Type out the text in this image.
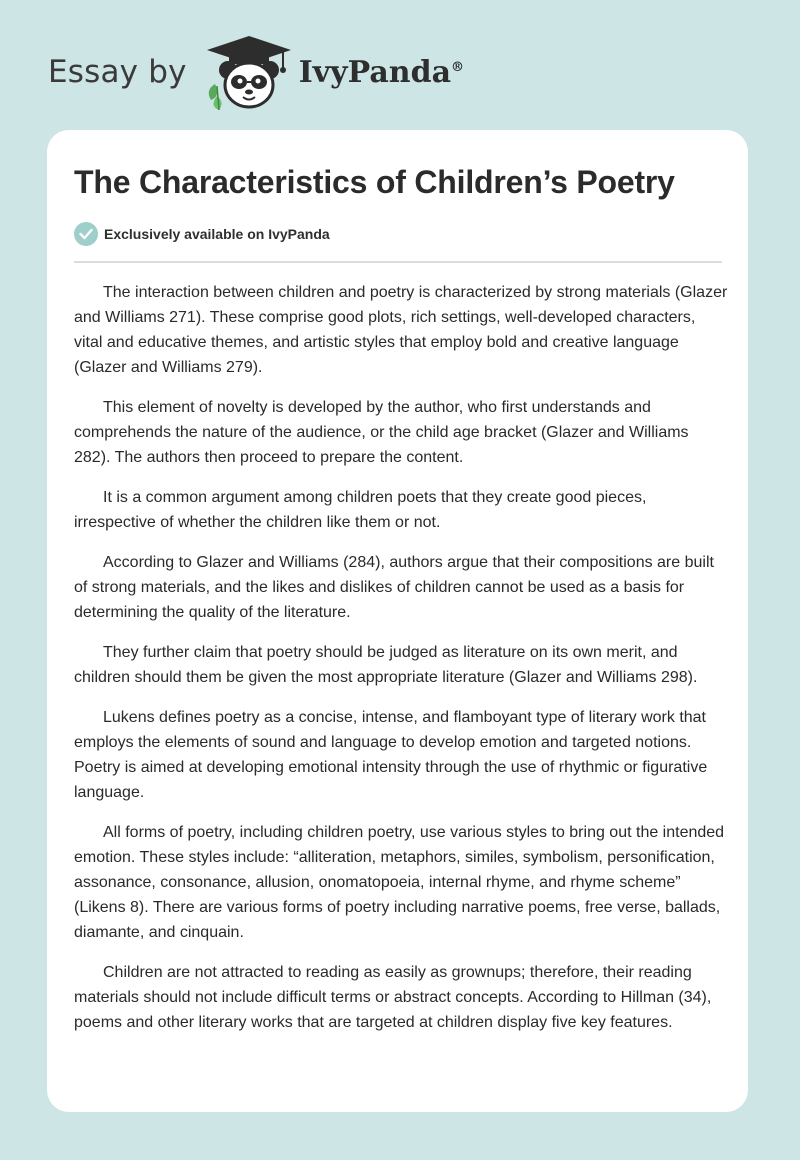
Essay by	IvyPanda®
The Characteristics of Children’s Poetry
Exclusively available on IvyPanda

The interaction between children and poetry is characterized by strong materials (Glazer and Williams 271). These comprise good plots, rich settings, well-developed characters, vital and educative themes, and artistic styles that employ bold and creative language (Glazer and Williams 279).

This element of novelty is developed by the author, who first understands and comprehends the nature of the audience, or the child age bracket (Glazer and Williams 282). The authors then proceed to prepare the content.

It is a common argument among children poets that they create good pieces, irrespective of whether the children like them or not.

According to Glazer and Williams (284), authors argue that their compositions are built of strong materials, and the likes and dislikes of children cannot be used as a basis for determining the quality of the literature.

They further claim that poetry should be judged as literature on its own merit, and children should them be given the most appropriate literature (Glazer and Williams 298).

Lukens defines poetry as a concise, intense, and flamboyant type of literary work that employs the elements of sound and language to develop emotion and targeted notions. Poetry is aimed at developing emotional intensity through the use of rhythmic or figurative language.

All forms of poetry, including children poetry, use various styles to bring out the intended emotion. These styles include: “alliteration, metaphors, similes, symbolism, personification, assonance, consonance, allusion, onomatopoeia, internal rhyme, and rhyme scheme” (Likens 8). There are various forms of poetry including narrative poems, free verse, ballads, diamante, and cinquain.

Children are not attracted to reading as easily as grownups; therefore, their reading materials should not include difficult terms or abstract concepts. According to Hillman (34), poems and other literary works that are targeted at children display five key features.
